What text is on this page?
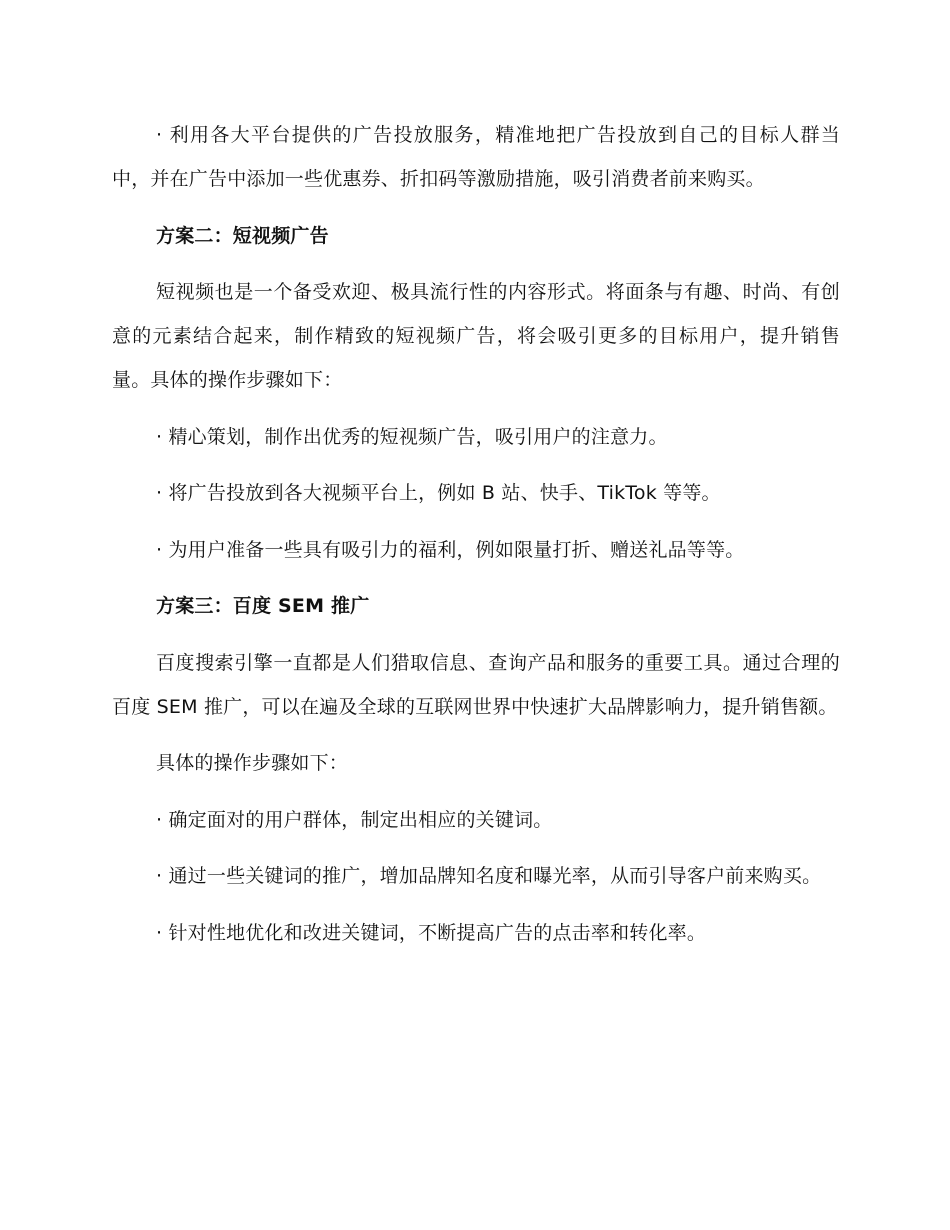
· 利用各大平台提供的广告投放服务，精准地把广告投放到自己的目标人群当中，并在广告中添加一些优惠券、折扣码等激励措施，吸引消费者前来购买。

方案二：短视频广告

短视频也是一个备受欢迎、极具流行性的内容形式。将面条与有趣、时尚、有创意的元素结合起来，制作精致的短视频广告，将会吸引更多的目标用户，提升销售量。具体的操作步骤如下：

· 精心策划，制作出优秀的短视频广告，吸引用户的注意力。

· 将广告投放到各大视频平台上，例如 B 站、快手、TikTok 等等。

· 为用户准备一些具有吸引力的福利，例如限量打折、赠送礼品等等。

方案三：百度 SEM 推广

百度搜索引擎一直都是人们猎取信息、查询产品和服务的重要工具。通过合理的百度 SEM 推广，可以在遍及全球的互联网世界中快速扩大品牌影响力，提升销售额。

具体的操作步骤如下：

· 确定面对的用户群体，制定出相应的关键词。

· 通过一些关键词的推广，增加品牌知名度和曝光率，从而引导客户前来购买。

· 针对性地优化和改进关键词，不断提高广告的点击率和转化率。
